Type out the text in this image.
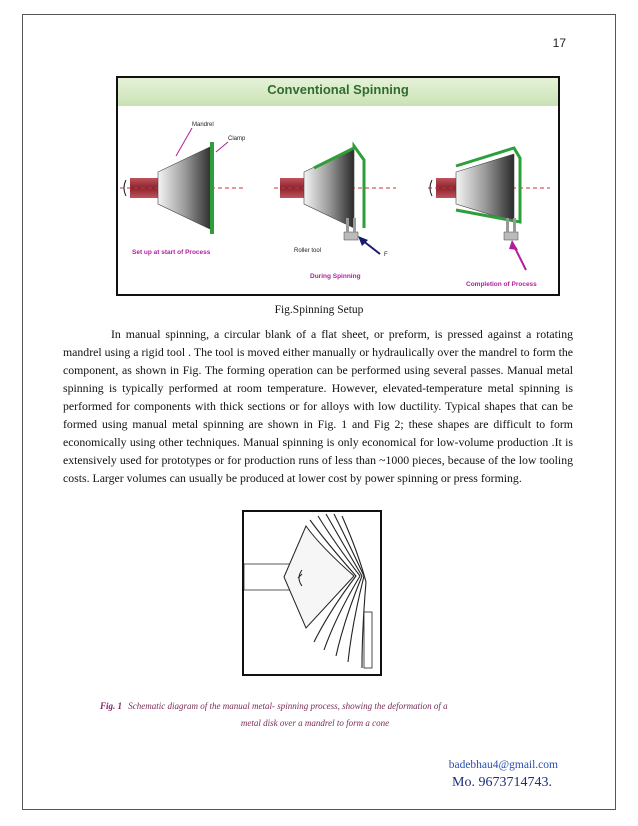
17
Conventional Spinning
Mandrel
Clamp
Set up at start of Process	F
Roller tool
During Spinning
Completion of Process
Fig.Spinning Setup
In manual spinning, a circular blank of a flat sheet, or preform, is pressed against a rotating mandrel using a rigid tool . The tool is moved either manually or hydraulically over the mandrel to form the component, as shown in Fig. The forming operation can be performed using several passes. Manual metal spinning is typically performed at room temperature. However, elevated-temperature metal spinning is performed for components with thick sections or for alloys with low ductility. Typical shapes that can be formed using manual metal spinning are shown in Fig. 1 and Fig 2; these shapes are difficult to form economically using other techniques. Manual spinning is only economical for low-volume production .It is extensively used for prototypes or for production runs of less than ~1000 pieces, because of the low tooling costs. Larger volumes can usually be produced at lower cost by power spinning or press forming.
Fig. 1 Schematic diagram of the manual metal- spinning process, showing the deformation of a
metal disk over a mandrel to form a cone
badebhau4@gmail.com
Mo. 9673714743.
